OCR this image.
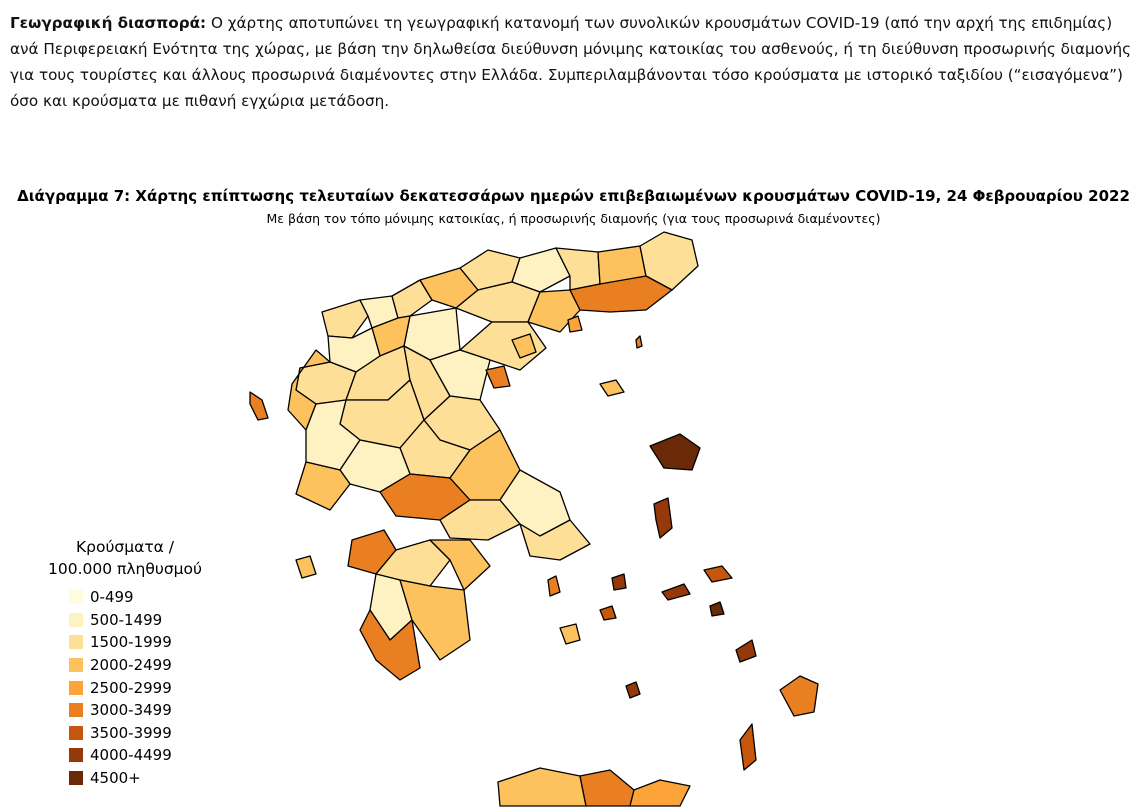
Γεωγραφική διασπορά: Ο χάρτης αποτυπώνει τη γεωγραφική κατανομή των συνολικών κρουσμάτων COVID-19 (από την αρχή της επιδημίας) ανά Περιφερειακή Ενότητα της χώρας, με βάση την δηλωθείσα διεύθυνση μόνιμης κατοικίας του ασθενούς, ή τη διεύθυνση προσωρινής διαμονής για τους τουρίστες και άλλους προσωρινά διαμένοντες στην Ελλάδα. Συμπεριλαμβάνονται τόσο κρούσματα με ιστορικό ταξιδίου (“εισαγόμενα”) όσο και κρούσματα με πιθανή εγχώρια μετάδοση.

Διάγραμμα 7: Χάρτης επίπτωσης τελευταίων δεκατεσσάρων ημερών επιβεβαιωμένων κρουσμάτων COVID-19, 24 Φεβρουαρίου 2022
Με βάση τον τόπο μόνιμης κατοικίας, ή προσωρινής διαμονής (για τους προσωρινά διαμένοντες)
Κρούσματα /
100.000 πληθυσμού
0-499
500-1499
1500-1999
2000-2499
2500-2999
3000-3499
3500-3999
4000-4499
4500+
